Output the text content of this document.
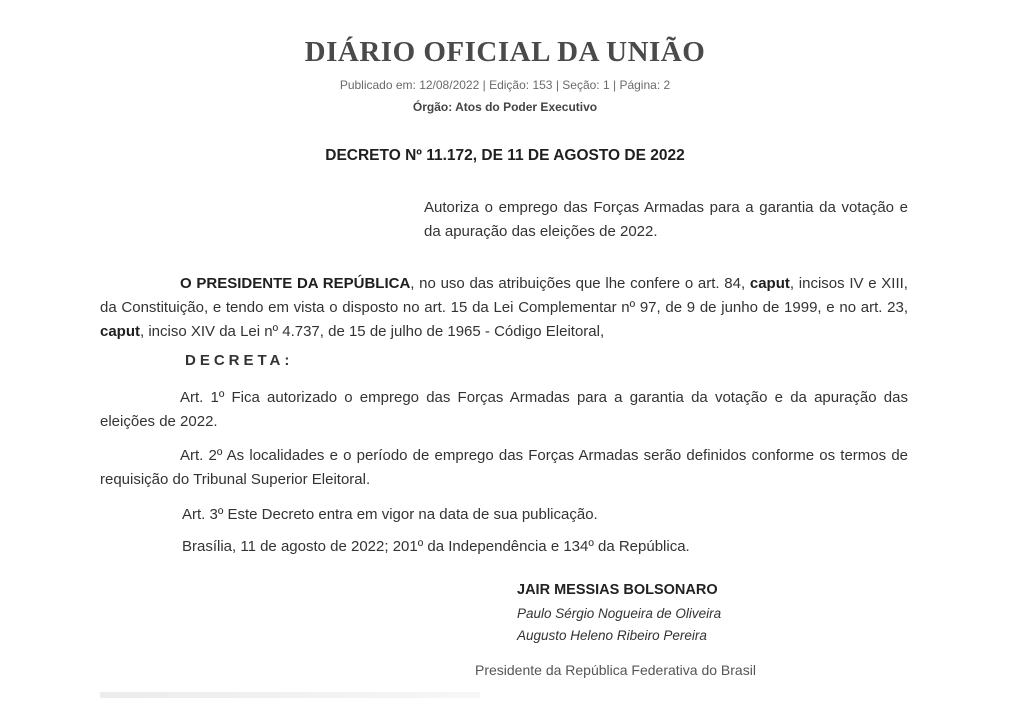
DIÁRIO OFICIAL DA UNIÃO
Publicado em: 12/08/2022 | Edição: 153 | Seção: 1 | Página: 2
Órgão: Atos do Poder Executivo
DECRETO Nº 11.172, DE 11 DE AGOSTO DE 2022
Autoriza o emprego das Forças Armadas para a garantia da votação e da apuração das eleições de 2022.

O PRESIDENTE DA REPÚBLICA, no uso das atribuições que lhe confere o art. 84, caput, incisos IV e XIII, da Constituição, e tendo em vista o disposto no art. 15 da Lei Complementar nº 97, de 9 de junho de 1999, e no art. 23, caput, inciso XIV da Lei nº 4.737, de 15 de julho de 1965 - Código Eleitoral,

DECRETA:

Art. 1º Fica autorizado o emprego das Forças Armadas para a garantia da votação e da apuração das eleições de 2022.

Art. 2º As localidades e o período de emprego das Forças Armadas serão definidos conforme os termos de requisição do Tribunal Superior Eleitoral.

Art. 3º Este Decreto entra em vigor na data de sua publicação.
Brasília, 11 de agosto de 2022; 201º da Independência e 134º da República.
JAIR MESSIAS BOLSONARO
Paulo Sérgio Nogueira de Oliveira
Augusto Heleno Ribeiro Pereira
Presidente da República Federativa do Brasil
